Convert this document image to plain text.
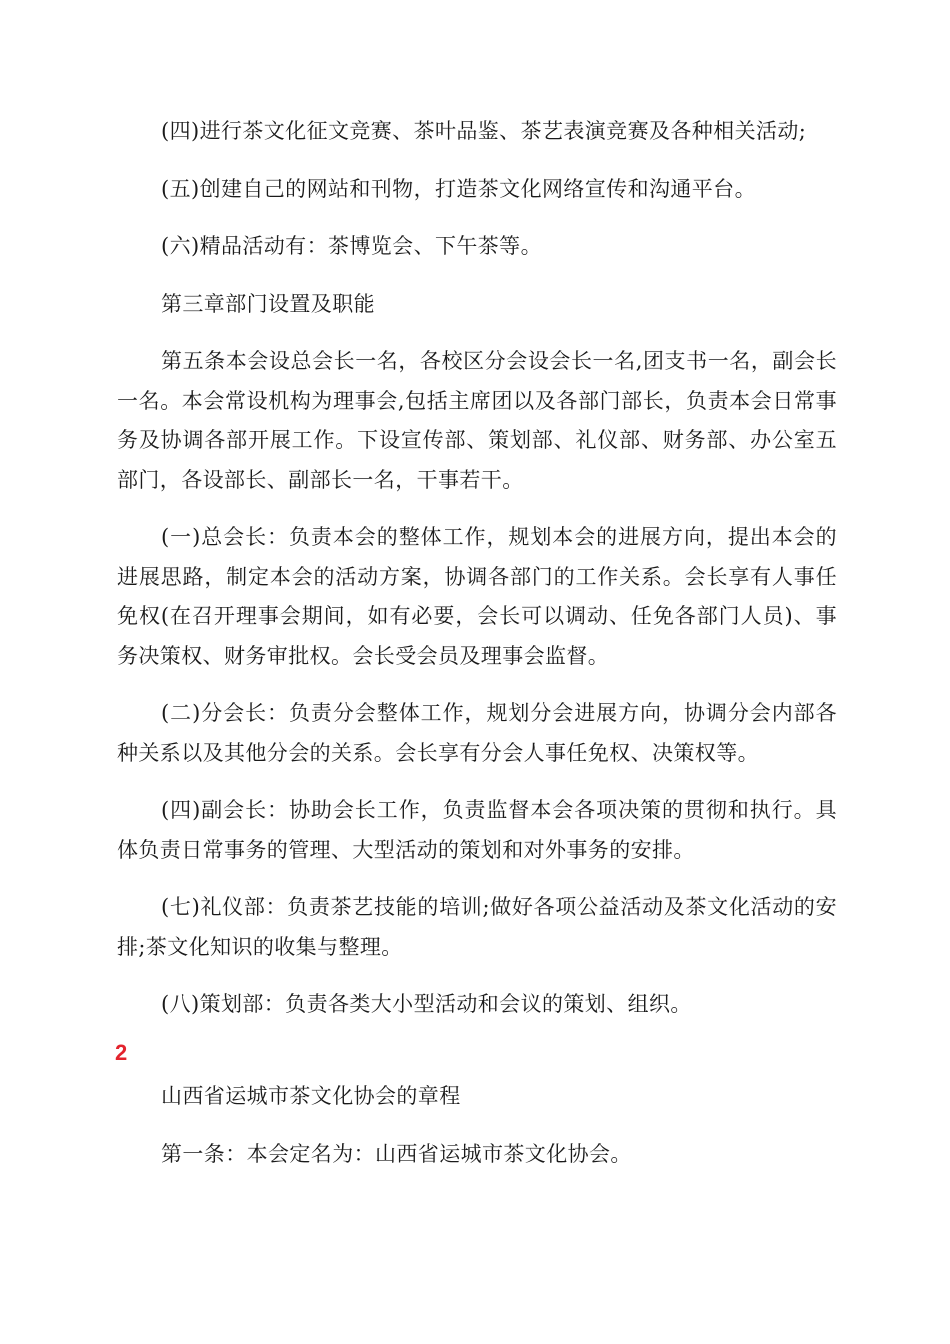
(四)进行茶文化征文竞赛、茶叶品鉴、茶艺表演竞赛及各种相关活动;

(五)创建自己的网站和刊物，打造茶文化网络宣传和沟通平台。

(六)精品活动有：茶博览会、下午茶等。

第三章部门设置及职能

第五条本会设总会长一名，各校区分会设会长一名,团支书一名，副会长一名。本会常设机构为理事会,包括主席团以及各部门部长，负责本会日常事务及协调各部开展工作。下设宣传部、策划部、礼仪部、财务部、办公室五部门，各设部长、副部长一名，干事若干。

(一)总会长：负责本会的整体工作，规划本会的进展方向，提出本会的进展思路，制定本会的活动方案，协调各部门的工作关系。会长享有人事任免权(在召开理事会期间，如有必要，会长可以调动、任免各部门人员)、事务决策权、财务审批权。会长受会员及理事会监督。

(二)分会长：负责分会整体工作，规划分会进展方向，协调分会内部各种关系以及其他分会的关系。会长享有分会人事任免权、决策权等。

(四)副会长：协助会长工作，负责监督本会各项决策的贯彻和执行。具体负责日常事务的管理、大型活动的策划和对外事务的安排。

(七)礼仪部：负责茶艺技能的培训;做好各项公益活动及茶文化活动的安排;茶文化知识的收集与整理。

(八)策划部：负责各类大小型活动和会议的策划、组织。

2

山西省运城市茶文化协会的章程

第一条：本会定名为：山西省运城市茶文化协会。
